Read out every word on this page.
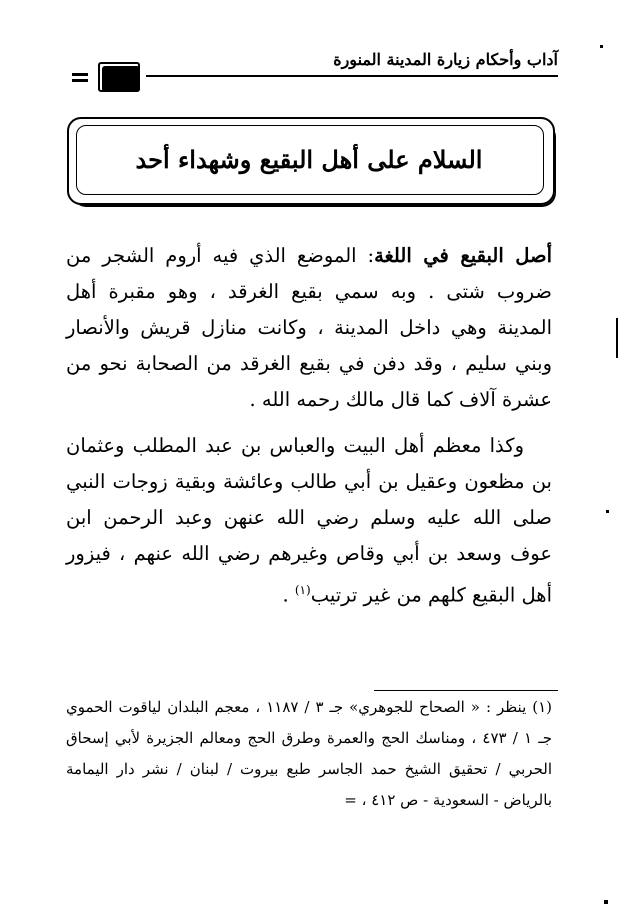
آداب وأحكام زيارة المدينة المنورة
٦٩
السلام على أهل البقيع وشهداء أحد

أصل البقيع في اللغة: الموضع الذي فيه أروم الشجر من ضروب شتى . وبه سمي بقيع الغرقد ، وهو مقبرة أهل المدينة وهي داخل المدينة ، وكانت منازل قريش والأنصار وبني سليم ، وقد دفن في بقيع الغرقد من الصحابة نحو من عشرة آلاف كما قال مالك رحمه الله .

وكذا معظم أهل البيت والعباس بن عبد المطلب وعثمان بن مظعون وعقيل بن أبي طالب وعائشة وبقية زوجات النبي صلى الله عليه وسلم رضي الله عنهن وعبد الرحمن ابن عوف وسعد بن أبي وقاص وغيرهم رضي الله عنهم ، فيزور أهل البقيع كلهم من غير ترتيب$^{(١)}$ .

(١) ينظر : « الصحاح للجوهري» جـ ٣ / ١١٨٧ ، معجم البلدان لياقوت الحموي جـ ١ / ٤٧٣ ، ومناسك الحج والعمرة وطرق الحج ومعالم الجزيرة لأبي إسحاق الحربي / تحقيق الشيخ حمد الجاسر طبع بيروت / لبنان / نشر دار اليمامة بالرياض - السعودية - ص ٤١٢ ، =
